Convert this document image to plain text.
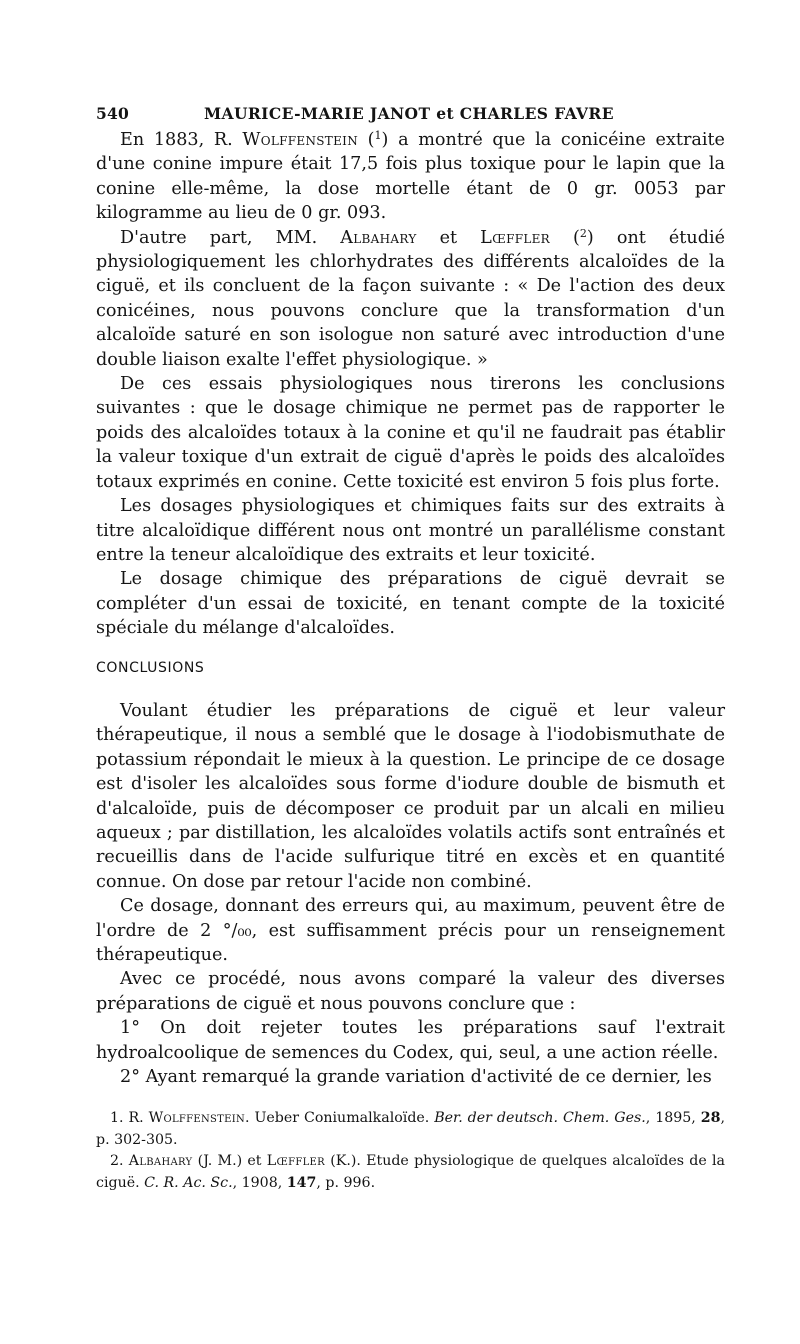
540	MAURICE-MARIE JANOT et CHARLES FAVRE

En 1883, R. Wolffenstein ($^1$) a montré que la conicéine extraite d'une conine impure était 17,5 fois plus toxique pour le lapin que la conine elle-même, la dose mortelle étant de 0 gr. 0053 par kilogramme au lieu de 0 gr. 093.

D'autre part, MM. Albahary et Lœffler ($^2$) ont étudié physiologiquement les chlorhydrates des différents alcaloïdes de la ciguë, et ils concluent de la façon suivante : « De l'action des deux conicéines, nous pouvons conclure que la transformation d'un alcaloïde saturé en son isologue non saturé avec introduction d'une double liaison exalte l'effet physiologique. »

De ces essais physiologiques nous tirerons les conclusions suivantes : que le dosage chimique ne permet pas de rapporter le poids des alcaloïdes totaux à la conine et qu'il ne faudrait pas établir la valeur toxique d'un extrait de ciguë d'après le poids des alcaloïdes totaux exprimés en conine. Cette toxicité est environ 5 fois plus forte.

Les dosages physiologiques et chimiques faits sur des extraits à titre alcaloïdique différent nous ont montré un parallélisme constant entre la teneur alcaloïdique des extraits et leur toxicité.

Le dosage chimique des préparations de ciguë devrait se compléter d'un essai de toxicité, en tenant compte de la toxicité spéciale du mélange d'alcaloïdes.

CONCLUSIONS

Voulant étudier les préparations de ciguë et leur valeur thérapeutique, il nous a semblé que le dosage à l'iodobismuthate de potassium répondait le mieux à la question. Le principe de ce dosage est d'isoler les alcaloïdes sous forme d'iodure double de bismuth et d'alcaloïde, puis de décomposer ce produit par un alcali en milieu aqueux ; par distillation, les alcaloïdes volatils actifs sont entraînés et recueillis dans de l'acide sulfurique titré en excès et en quantité connue. On dose par retour l'acide non combiné.

Ce dosage, donnant des erreurs qui, au maximum, peuvent être de l'ordre de 2 °/₀₀, est suffisamment précis pour un renseignement thérapeutique.

Avec ce procédé, nous avons comparé la valeur des diverses préparations de ciguë et nous pouvons conclure que :

1° On doit rejeter toutes les préparations sauf l'extrait hydroalcoolique de semences du Codex, qui, seul, a une action réelle.

2° Ayant remarqué la grande variation d'activité de ce dernier, les

1. R. Wolffenstein. Ueber Coniumalkaloïde. Ber. der deutsch. Chem. Ges., 1895, 28, p. 302-305.

2. Albahary (J. M.) et Lœffler (K.). Etude physiologique de quelques alcaloïdes de la ciguë. C. R. Ac. Sc., 1908, 147, p. 996.
